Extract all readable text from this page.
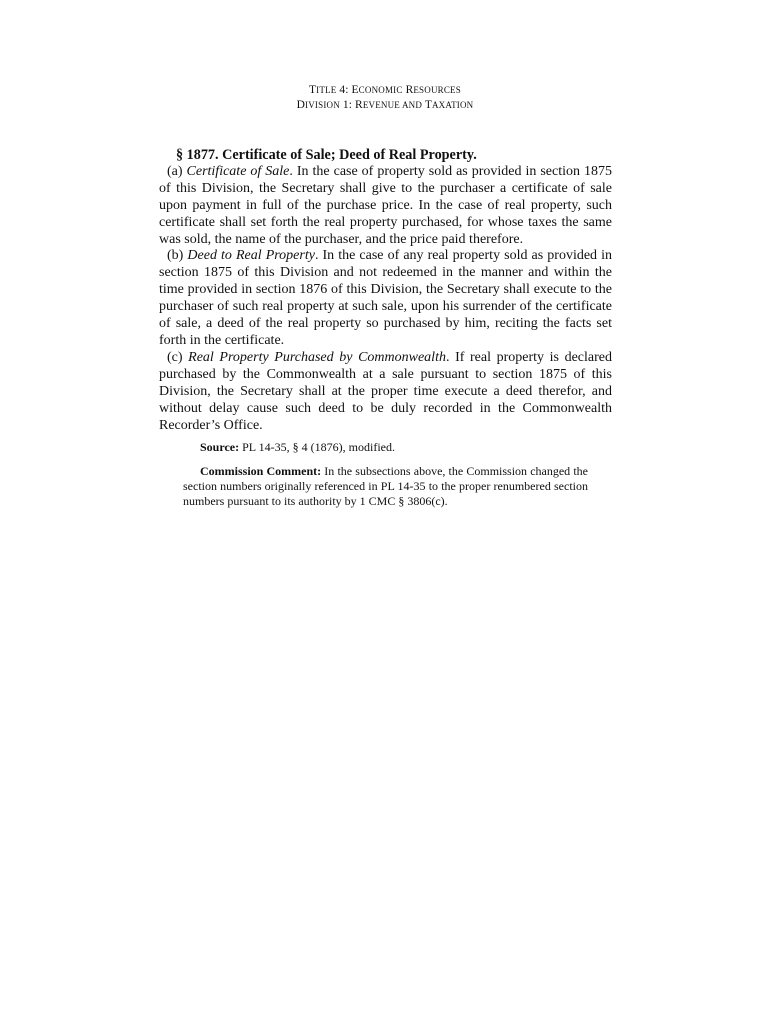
TITLE 4: ECONOMIC RESOURCES
DIVISION 1: REVENUE AND TAXATION
§ 1877. Certificate of Sale; Deed of Real Property.

(a) Certificate of Sale. In the case of property sold as provided in section 1875 of this Division, the Secretary shall give to the purchaser a certificate of sale upon payment in full of the purchase price. In the case of real property, such certificate shall set forth the real property purchased, for whose taxes the same was sold, the name of the purchaser, and the price paid therefore.

(b) Deed to Real Property. In the case of any real property sold as provided in section 1875 of this Division and not redeemed in the manner and within the time provided in section 1876 of this Division, the Secretary shall execute to the purchaser of such real property at such sale, upon his surrender of the certificate of sale, a deed of the real property so purchased by him, reciting the facts set forth in the certificate.

(c) Real Property Purchased by Commonwealth. If real property is declared purchased by the Commonwealth at a sale pursuant to section 1875 of this Division, the Secretary shall at the proper time execute a deed therefor, and without delay cause such deed to be duly recorded in the Commonwealth Recorder’s Office.

Source: PL 14-35, § 4 (1876), modified.

Commission Comment: In the subsections above, the Commission changed the section numbers originally referenced in PL 14-35 to the proper renumbered section numbers pursuant to its authority by 1 CMC § 3806(c).
